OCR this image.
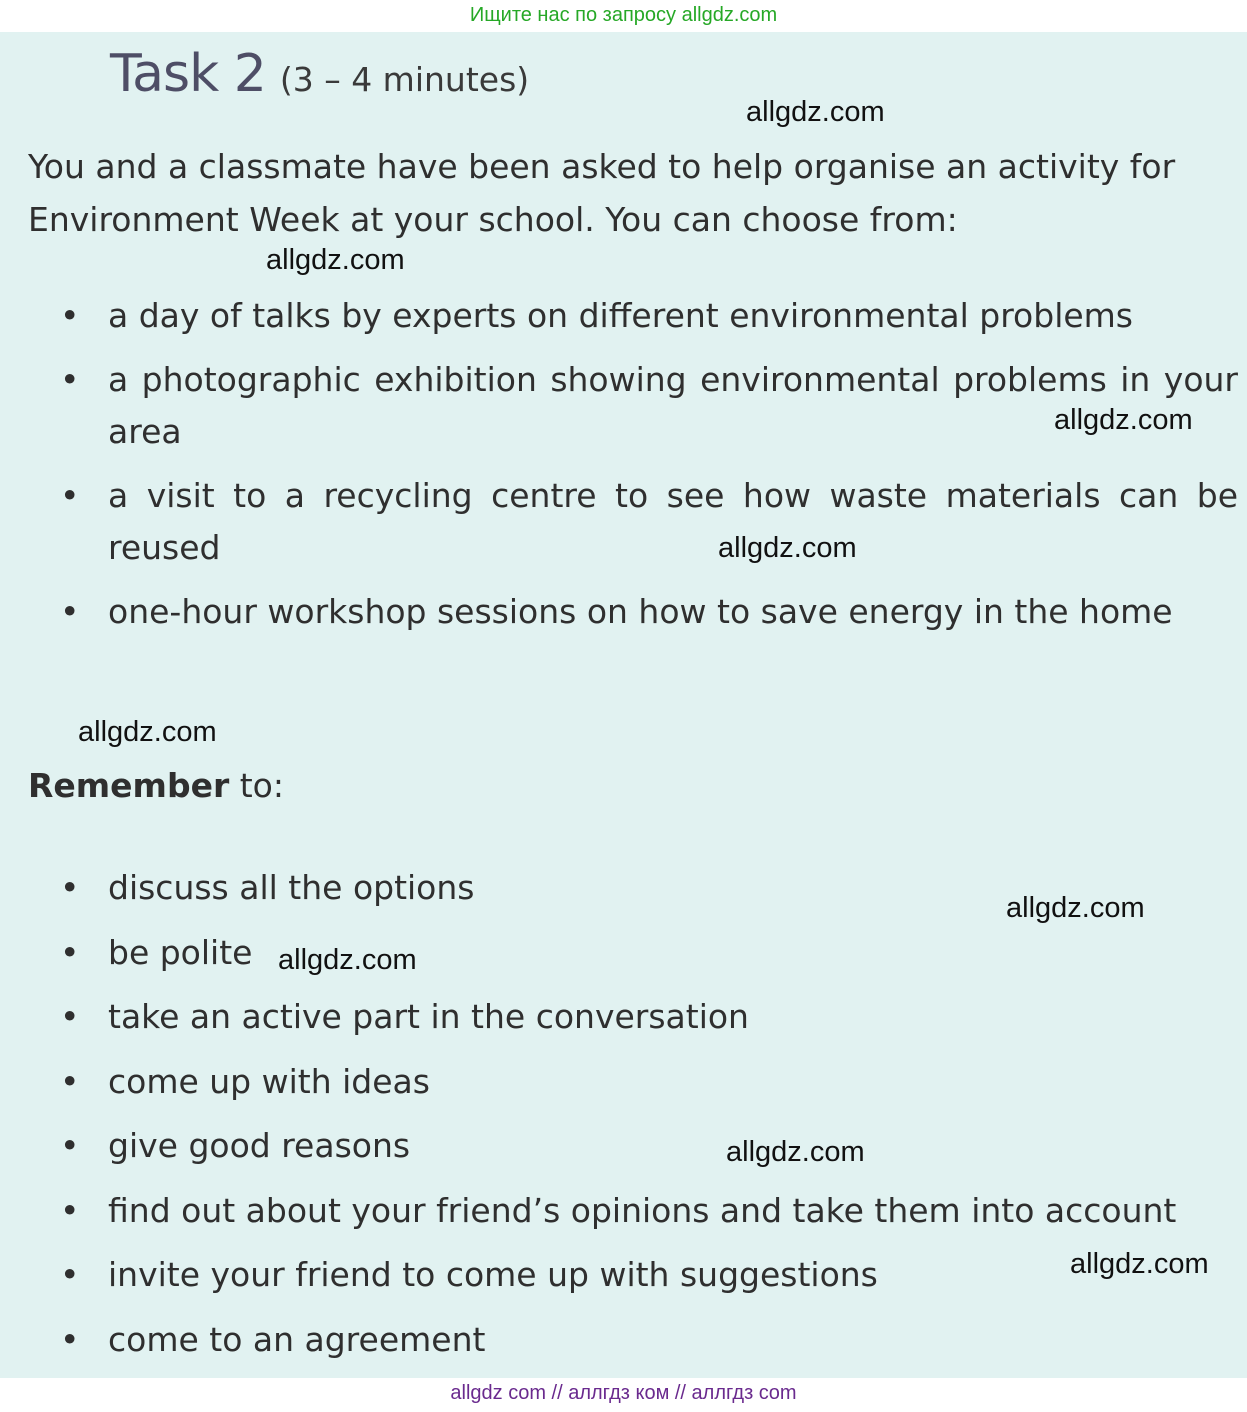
Ищите нас по запросу allgdz.com
Task 2 (3 – 4 minutes)

You and a classmate have been asked to help organise an activity for Environment Week at your school. You can choose from:

• a day of talks by experts on different environmental problems
• a photographic exhibition showing environmental problems in your area
• a visit to a recycling centre to see how waste materials can be reused
• one-hour workshop sessions on how to save energy in the home

Remember to:

• discuss all the options
• be polite
• take an active part in the conversation
• come up with ideas
• give good reasons
• find out about your friend’s opinions and take them into account
• invite your friend to come up with suggestions
• come to an agreement
allgdz.com
allgdz.com
allgdz.com
allgdz.com
allgdz.com
allgdz.com
allgdz.com
allgdz.com
allgdz.com
allgdz com // аллгдз ком // аллгдз com
